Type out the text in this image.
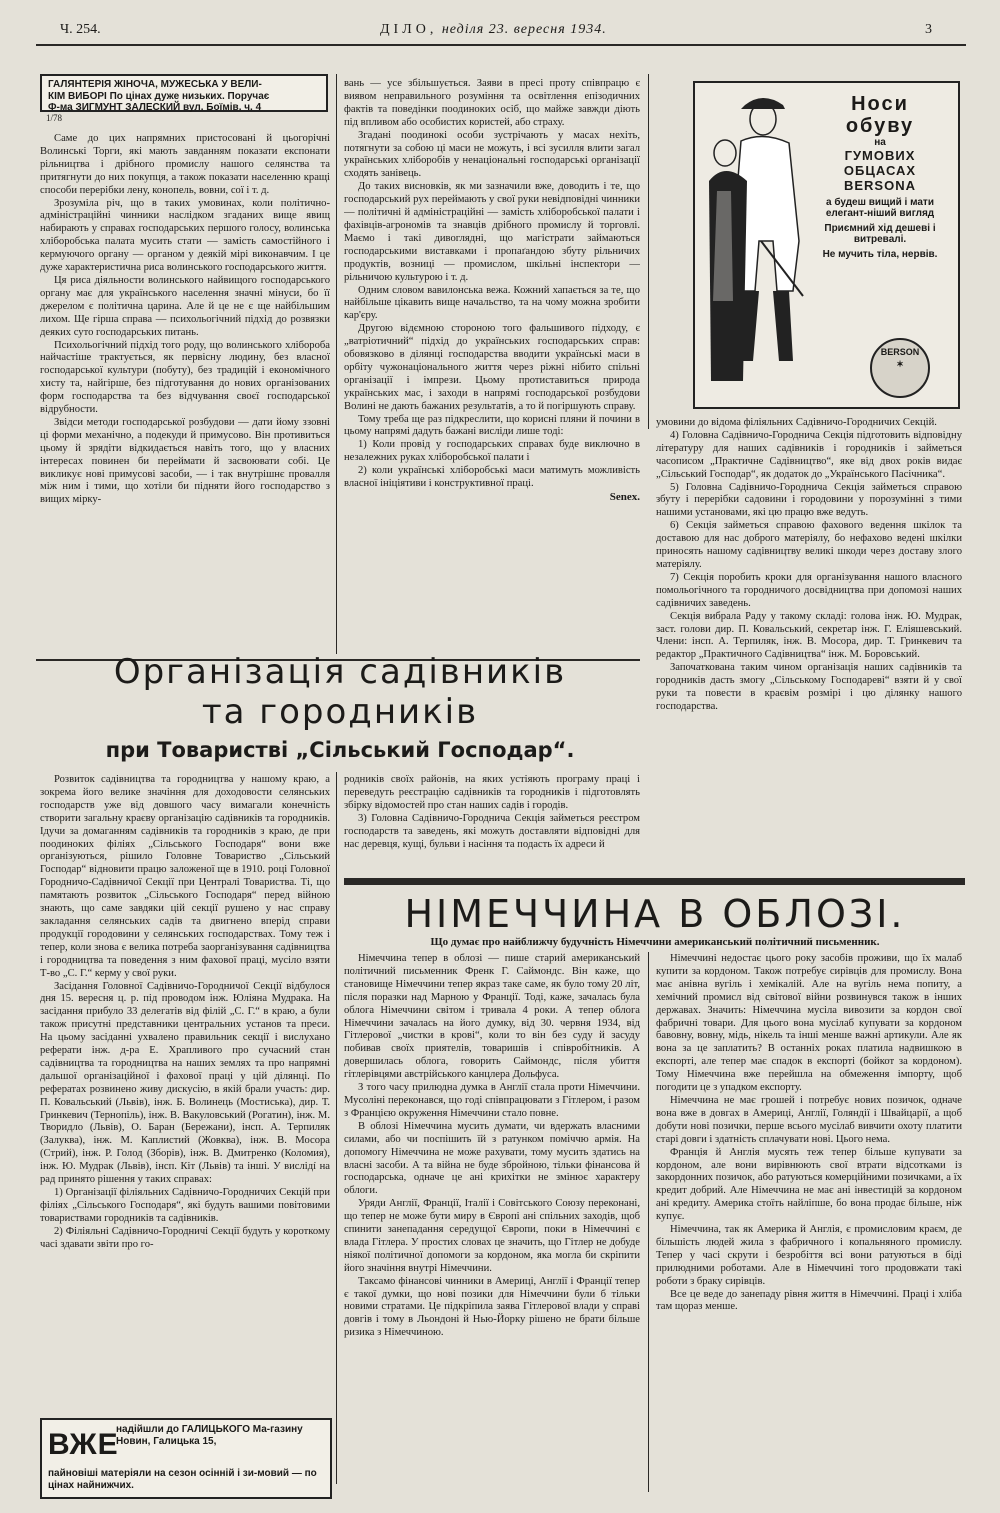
Ч. 254.	ДІЛО, неділя 23. вересня 1934.	3
ГАЛЯНТЕРІЯ ЖІНОЧА, МУЖЕСЬКА У ВЕЛИ-
КІМ ВИБОРІ По цінах дуже низьких. Поручає
Ф-ма ЗИГМУНТ ЗАЛЕСКИЙ вул. Боїмів. ч. 4
1/78

Саме до цих напрямних пристосовані й цьогорічні Волинські Торги, які мають завданням показати експонати рільництва і дрібного промислу нашого селянства та притягнути до них покупця, а також показати населенню кращі способи перерібки лену, конопель, вовни, сої і т. д.

Зрозуміла річ, що в таких умовинах, коли політично-адміністраційні чинники наслідком згаданих вище явищ набирають у справах господарських першого голосу, волинська хліборобська палата мусить стати — замість самостійного і кермуючого органу — органом у деякій мірі виконавчим. І це дуже характеристична риса волинського господарського життя.

Ця риса діяльности волинського найвищого господарського органу має для українського населення значні мінуси, бо її джерелом є політична царина. Але й це не є ще найбільшим лихом. Ще гірша справа — психольогічний підхід до розвязки деяких суто господарських питань.

Психольогічний підхід того роду, що волинського хлібороба найчастіше трактується, як первісну людину, без власної господарської культури (побуту), без традицій і економічного хисту та, найгірше, без підготування до нових організованих форм господарства та без відчування своєї господарської відрубности.

Звідси методи господарської розбудови — дати йому ззовні ці форми механічно, а подекуди й примусово. Він противиться цьому й зрядіти відкидається навіть того, що у власних інтересах повинен би переймати й засвоювати собі. Це викликує нові примусові засоби, — і так внутрішнє провалля між ним і тими, що хотіли би підняти його господарство з вищих мірку-

вань — усе збільшується. Заяви в пресі проту співпрацю є виявом неправильного розуміння та освітлення епізодичних фактів та поведінки поодиноких осіб, що майже завжди діють під впливом або особистих користей, або страху.

Згадані поодинокі особи зустрічають у масах нехіть, потягнути за собою ці маси не можуть, і всі зусилля влити загал українських хліборобів у ненаціональні господарські організації сходять занівець.

До таких висновків, як ми зазначили вже, доводить і те, що господарський рух переймають у свої руки невідповідні чинники — політичні й адміністраційні — замість хліборобської палати і фахівців-агрономів та знавців дрібного промислу й торговлі. Маємо і такі дивоглядні, що магістрати займаються господарськими виставками і пропаґандою збуту рільничих продуктів, возниці — промислом, шкільні інспектори — рільничою культурою і т. д.

Одним словом вавилонська вежа. Кожний хапається за те, що найбільше цікавить вище начальство, та на чому можна зробити кар'єру.

Другою відємною стороною того фальшивого підходу, є „ватріотичний“ підхід до українських господарських справ: обовязково в ділянці господарства вводити українські маси в орбіту чужонаціонального життя через ріжні нібито спільні організації і імпрези. Цьому протиставиться природа українських мас, і заходи в напрямі господарської розбудови Волині не дають бажаних результатів, а то й погіршують справу.

Тому треба ще раз підкреслити, що корисні пляни й почини в цьому напрямі дадуть бажані висліди лише тоді:

1) Коли провід у господарських справах буде виключно в незалежних руках хліборобської палати і

2) коли українські хліборобські маси матимуть можливість власної ініціятиви і конструктивної праці.

Senex.
Носи
обуву
на
ГУМОВИХ
ОБЦАСАХ
BERSONA
а будеш вищий і мати елегант-ніший вигляд
Приємний хід дешеві і витревалі.
Не мучить тіла, нервів.
BERSON
✶
Організація садівників
та городників
при Товаристві „Сільський Господар“.

Розвиток садівництва та городництва у нашому краю, а зокрема його велике значіння для доходовости селянських господарств уже від довшого часу вимагали конечність створити загальну краєву організацію садівників та городників. Ідучи за домаганням садівників та городників з краю, де при поодиноких філіях „Сільського Господаря“ вони вже організуються, рішило Головне Товариство „Сільський Господар“ відновити працю заложеної ще в 1910. році Головної Городничо-Садівничої Секції при Централі Товариства. Ті, що памятають розвиток „Сільського Господаря“ перед війною знають, що саме завдяки цій секції рушено у нас справу закладання селянських садів та двигнено вперід справи продукції городовини у селянських господарствах. Тому теж і тепер, коли знова є велика потреба заорганізування садівництва і городництва та поведення з ним фахової праці, мусіло взяти Т-во „С. Г.“ керму у свої руки.

Засідання Головної Садівничо-Городничої Секції відбулося дня 15. вересня ц. р. під проводом інж. Юліяна Мудрака. На засідання прибуло 33 делегатів від філій „С. Г.“ в краю, а були також присутні представники центральних установ та преси. На цьому засіданні ухвалено правильник секції і вислухано реферати інж. д-ра Е. Храпливого про сучасний стан садівництва та городництва на наших землях та про напрямні дальшої організаційної і фахової праці у цій ділянці. По рефератах розвинено живу дискусію, в якій брали участь: дир. П. Ковальський (Львів), інж. Б. Волинець (Мостиська), дир. Т. Гринкевич (Тернопіль), інж. В. Вакуловський (Рогатин), інж. М. Творидло (Львів), О. Баран (Бережани), інсп. А. Терпиляк (Залуква), інж. М. Каплистий (Жовква), інж. В. Мосора (Стрий), інж. Р. Голод (Зборів), інж. В. Дмитренко (Коломия), інж. Ю. Мудрак (Львів), інсп. Кіт (Львів) та інші. У вислідí на рад принято рішення у таких справах:

1) Організації філіяльних Садівничо-Городничих Секцій при філіях „Сільського Господаря“, які будуть вашими повітовими товариствами городників та садівників.

2) Філіяльні Садівничо-Городничі Секції будуть у короткому часі здавати звіти про го-

родників своїх районів, на яких устіяють програму праці і переведуть реєстрацію садівників та городників і підготовлять збірку відомостей про стан наших садів і городів.

3) Головна Садівничо-Городнича Секція займеться реєстром господарств та заведень, які можуть доставляти відповідні для нас деревця, кущі, бульви і насіння та подасть їх адреси й

умовини до відома філіяльних Садівничо-Городничих Секцій.

4) Головна Садівничо-Городнича Секція підготовить відповідну літературу для наших садівників і городників і займеться часописом „Практичне Садівництво“, яке від двох років видає „Сільський Господар“, як додаток до „Українського Пасічника“.

5) Головна Садівничо-Городнича Секція займеться справою збуту і перерібки садовини і городовини у порозумінні з тими нашими установами, які цю працю вже ведуть.

6) Секція займеться справою фахового ведення шкілок та доставою для нас доброго матеріялу, бо нефахово ведені шкілки приносять нашому садівництву великі шкоди через доставу злого матеріялу.

7) Секція поробить кроки для організування нашого власного помольогічного та городничого досвідництва при допомозі наших садівничих заведень.

Секція вибрала Раду у такому складі: голова інж. Ю. Мудрак, заст. голови дир. П. Ковальський, секретар інж. Г. Еліяшевський. Члени: інсп. А. Терпиляк, інж. В. Мосора, дир. Т. Гринкевич та редактор „Практичного Садівництва“ інж. М. Боровський.

Започаткована таким чином організація наших садівників та городників дасть змогу „Сільському Господареві“ взяти й у свої руки та повести в краєвім розмірі і цю ділянку нашого господарства.

НІМЕЧЧИНА В ОБЛОЗІ.
Що думає про найближчу будучність Німеччини американський політичний письменник.

Німеччина тепер в облозі — пише старий американський політичний письменник Френк Г. Саймондс. Він каже, що становище Німеччини тепер якраз таке саме, як було тому 20 літ, після поразки над Марною у Франції. Тоді, каже, зачалась була облога Німеччини світом і тривала 4 роки. А тепер облога Німеччини зачалась на його думку, від 30. червня 1934, від Гітлерової „чистки в крові“, коли то він без суду й засуду побивав своїх приятелів, товаришів і співробітників. А довершилась облога, говорить Саймондс, після убиття гітлерівцями австрійського канцлера Дольфуса.

З того часу прилюдна думка в Англії стала проти Німеччини. Мусоліні переконався, що годі співпрацювати з Гітлером, і разом з Францією окруження Німеччини стало повне.

В облозі Німеччина мусить думати, чи вдержать власними силами, або чи поспішить їй з ратунком поміччю армія. На допомогу Німеччина не може рахувати, тому мусить здатись на власні засоби. А та війна не буде збройною, тільки фінансова й господарська, одначе це ані крихітки не змінює характеру облоги.

Уряди Англії, Франції, Італії і Совітського Союзу переконані, що тепер не може бути миру в Європі ані спільних заходів, щоб спинити занепадання середущої Європи, поки в Німеччині є влада Гітлера. У простих словах це значить, що Гітлер не добуде ніякої політичної допомоги за кордоном, яка могла би скріпити його значіння внутрі Німеччини.

Таксамо фінансові чинники в Америці, Англії і Франції тепер є такої думки, що нові позики для Німеччини були б тільки новими стратами. Це підкріпила заява Гітлерової влади у справі довгів і тому в Льондоні й Нью-Йорку рішено не брати більше ризика з Німеччиною.

Німеччині недостає цього року засобів проживи, що їх малаб купити за кордоном. Також потребує сирівців для промислу. Вона має анівна вугіль і хемікалій. Але на вугіль нема попиту, а хемічний промисл від світової війни розвинувся також в інших державах. Значить: Німеччина мусіла вивозити за кордон свої фабричні товари. Для цього вона мусілаб купувати за кордоном бавовну, вовну, мідь, нікель та інші менше важні артикули. Але як вона за це заплатить? В останніх роках платила надвишкою в експорті, але тепер має спадок в експорті (бойкот за кордоном). Тому Німеччина вже перейшла на обмеження імпорту, щоб погодити це з упадком експорту.

Німеччина не має грошей і потребує нових позичок, одначе вона вже в довгах в Америці, Англії, Голяндії і Швайцарії, а щоб добути нові позички, перше всього мусілаб вивчити охоту платити старі довги і здатність сплачувати нові. Цього нема.

Франція й Англія мусять теж тепер більше купувати за кордоном, але вони вирівнюють свої втрати відсотками із закордонних позичок, або ратуються комерційними позичками, а їх кредит добрий. Але Німеччина не має ані інвестицій за кордоном ані кредиту. Америка стоїть найліпше, бо вона продає більше, ніж купує.

Німеччина, так як Америка й Англія, є промисловим краєм, де більшість людей жила з фабричного і копальняного промислу. Тепер у часі скрути і безробіття всі вони ратуються в біді прилюдними роботами. Але в Німеччині того продовжати такі роботи з браку сирівців.

Все це веде до занепаду рівня життя в Німеччині. Праці і хліба там щораз менше.

ВЖЕ
надійшли до ГАЛИЦЬКОГО Ма-газину Новин, Галицька 15,
пайновіші матеріяли на сезон осінній і зи-мовий — по цінах найнижчих.
